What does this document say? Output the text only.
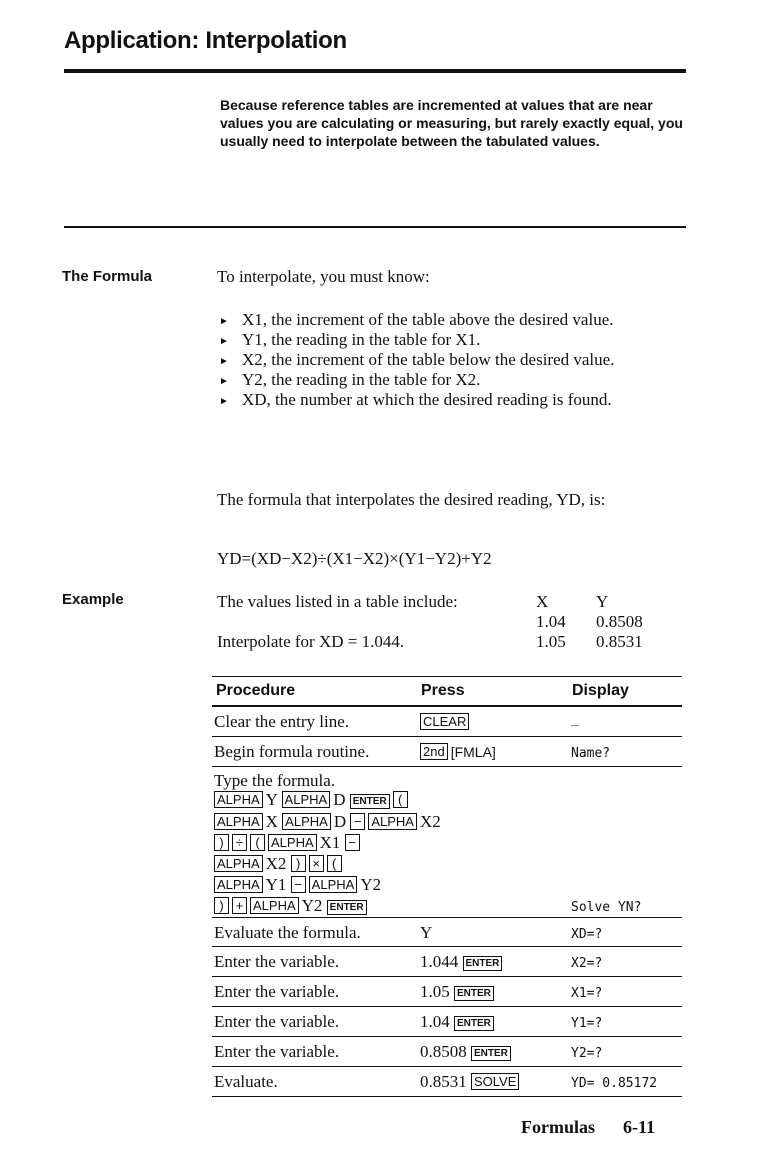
Application: Interpolation
Because reference tables are incremented at values that are near values you are calculating or measuring, but rarely exactly equal, you usually need to interpolate between the tabulated values.
The Formula	To interpolate, you must know:
► X1, the increment of the table above the desired value.
► Y1, the reading in the table for X1.
► X2, the increment of the table below the desired value.
► Y2, the reading in the table for X2.
► XD, the number at which the desired reading is found.
The formula that interpolates the desired reading, YD, is:
YD=(XD−X2)÷(X1−X2)×(Y1−Y2)+Y2
Example	The values listed in a table include:
Interpolate for XD = 1.044.
X	Y
1.04 0.8508
1.05 0.8531
Procedure	Press	Display
Clear the entry line.	CLEAR	_
Begin formula routine.	2nd [FMLA]	Name?
Type the formula.
ALPHA Y ALPHA D ENTER (
ALPHA X ALPHA D − ALPHA X2
) ÷ ( ALPHA X1 −
ALPHA X2 ) × (
ALPHA Y1 − ALPHA Y2
) + ALPHA Y2 ENTER	Solve YN?
Evaluate the formula.	Y	XD=?
Enter the variable.	1.044 ENTER	X2=?
Enter the variable.	1.05 ENTER	X1=?
Enter the variable.	1.04 ENTER	Y1=?
Enter the variable.	0.8508 ENTER	Y2=?
Evaluate.	0.8531 SOLVE	YD= 0.85172
Formulas 6-11
